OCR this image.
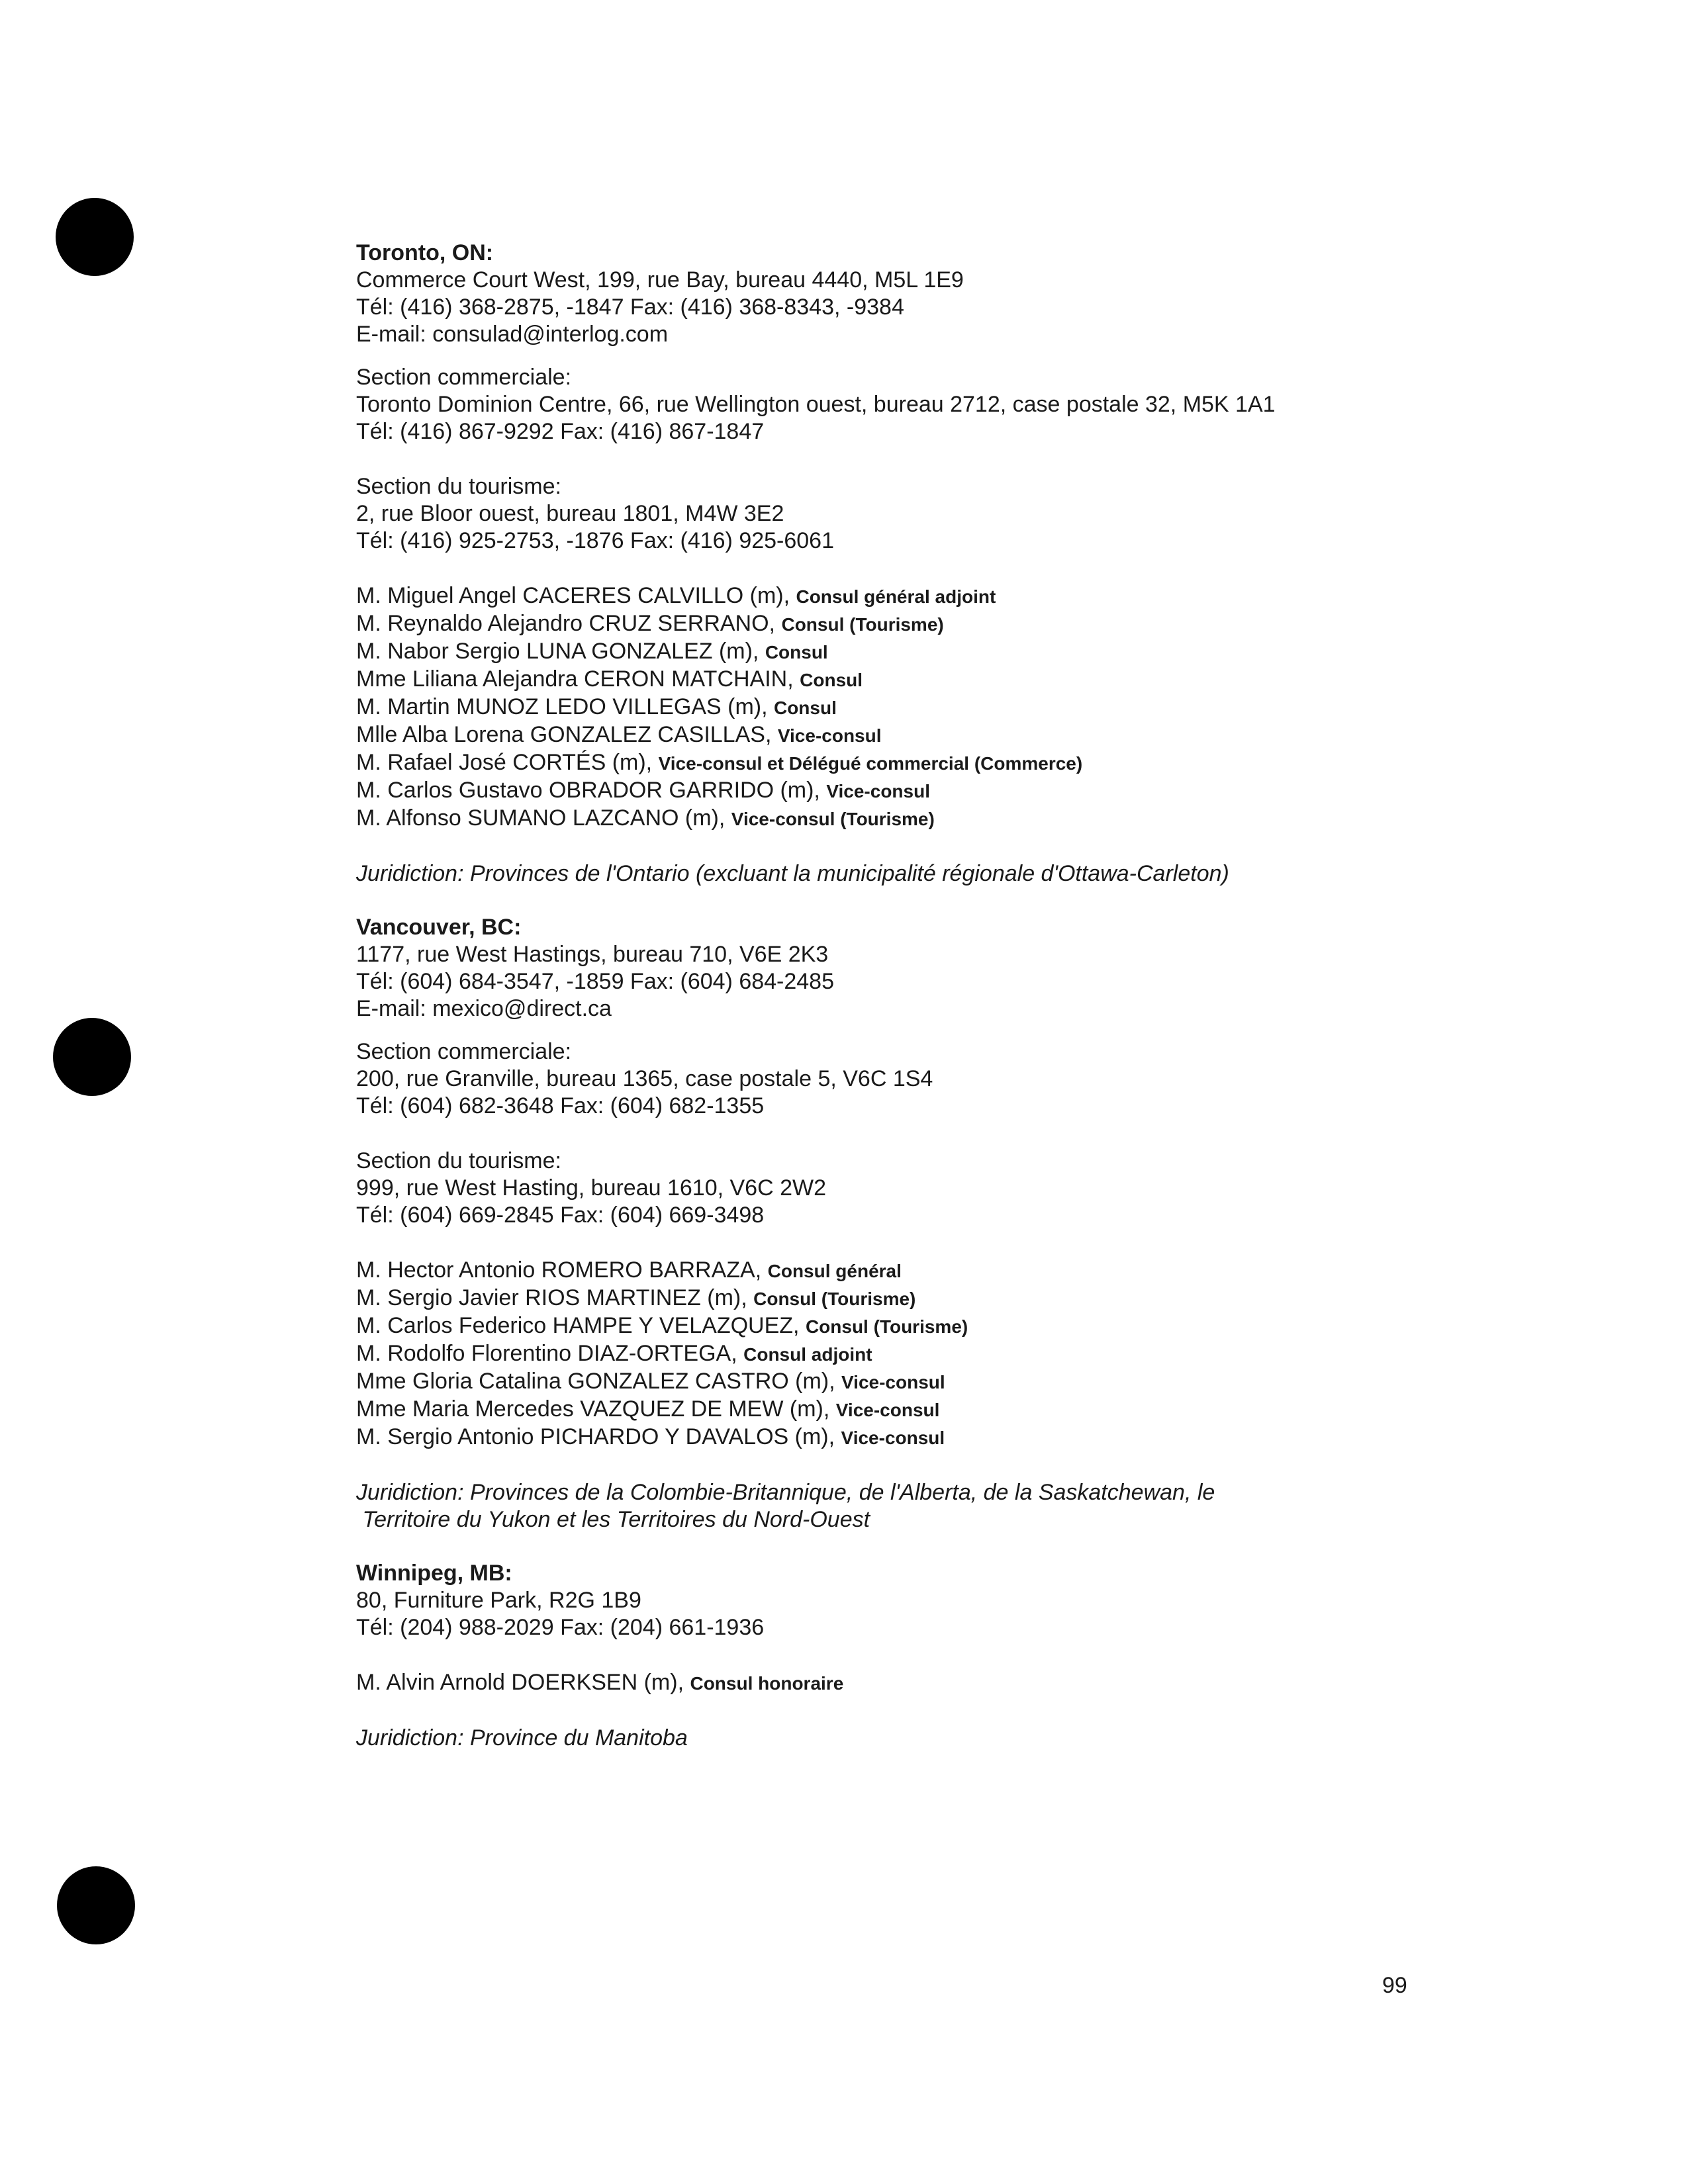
Toronto, ON:
Commerce Court West, 199, rue Bay, bureau 4440, M5L 1E9
Tél: (416) 368-2875, -1847 Fax: (416) 368-8343, -9384
E-mail: consulad@interlog.com
Section commerciale:
Toronto Dominion Centre, 66, rue Wellington ouest, bureau 2712, case postale 32, M5K 1A1
Tél: (416) 867-9292 Fax: (416) 867-1847
Section du tourisme:
2, rue Bloor ouest, bureau 1801, M4W 3E2
Tél: (416) 925-2753, -1876 Fax: (416) 925-6061
M. Miguel Angel CACERES CALVILLO (m), Consul général adjoint
M. Reynaldo Alejandro CRUZ SERRANO, Consul (Tourisme)
M. Nabor Sergio LUNA GONZALEZ (m), Consul
Mme Liliana Alejandra CERON MATCHAIN, Consul
M. Martin MUNOZ LEDO VILLEGAS (m), Consul
Mlle Alba Lorena GONZALEZ CASILLAS, Vice-consul
M. Rafael José CORTÉS (m), Vice-consul et Délégué commercial (Commerce)
M. Carlos Gustavo OBRADOR GARRIDO (m), Vice-consul
M. Alfonso SUMANO LAZCANO (m), Vice-consul (Tourisme)
Juridiction: Provinces de l'Ontario (excluant la municipalité régionale d'Ottawa-Carleton)
Vancouver, BC:
1177, rue West Hastings, bureau 710, V6E 2K3
Tél: (604) 684-3547, -1859 Fax: (604) 684-2485
E-mail: mexico@direct.ca
Section commerciale:
200, rue Granville, bureau 1365, case postale 5, V6C 1S4
Tél: (604) 682-3648 Fax: (604) 682-1355
Section du tourisme:
999, rue West Hasting, bureau 1610, V6C 2W2
Tél: (604) 669-2845 Fax: (604) 669-3498
M. Hector Antonio ROMERO BARRAZA, Consul général
M. Sergio Javier RIOS MARTINEZ (m), Consul (Tourisme)
M. Carlos Federico HAMPE Y VELAZQUEZ, Consul (Tourisme)
M. Rodolfo Florentino DIAZ-ORTEGA, Consul adjoint
Mme Gloria Catalina GONZALEZ CASTRO (m), Vice-consul
Mme Maria Mercedes VAZQUEZ DE MEW (m), Vice-consul
M. Sergio Antonio PICHARDO Y DAVALOS (m), Vice-consul
Juridiction: Provinces de la Colombie-Britannique, de l'Alberta, de la Saskatchewan, le
Territoire du Yukon et les Territoires du Nord-Ouest
Winnipeg, MB:
80, Furniture Park, R2G 1B9
Tél: (204) 988-2029 Fax: (204) 661-1936
M. Alvin Arnold DOERKSEN (m), Consul honoraire
Juridiction: Province du Manitoba
99
